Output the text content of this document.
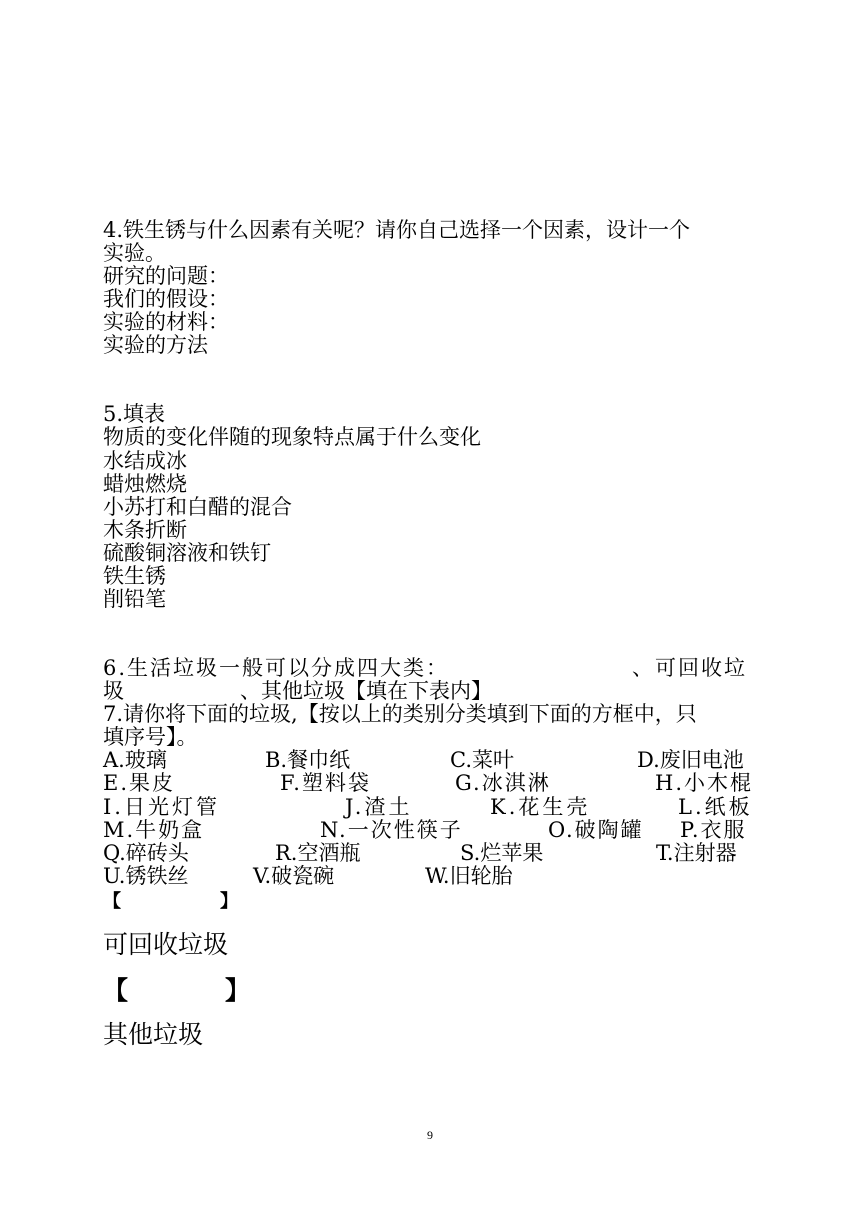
4.铁生锈与什么因素有关呢？请你自己选择一个因素，设计一个
实验。
研究的问题：
我们的假设：
实验的材料：
实验的方法
5.填表
物质的变化伴随的现象特点属于什么变化
水结成冰
蜡烛燃烧
小苏打和白醋的混合
木条折断
硫酸铜溶液和铁钉
铁生锈
削铅笔
6.生活垃圾一般可以分成四大类：	、可回收垃
圾	、其他垃圾【填在下表内】
7.请你将下面的垃圾,【按以上的类别分类填到下面的方框中，只
填序号】。
A.玻璃	B.餐巾纸	C.菜叶	D.废旧电池
E.果皮	F.塑料袋	G.冰淇淋	H.小木棍
I.日光灯管	J.渣土	K.花生壳	L.纸板
M.牛奶盒	N.一次性筷子	O.破陶罐 P.衣服
Q.碎砖头	R.空酒瓶	S.烂苹果	T.注射器
U.锈铁丝	V.破瓷碗	W.旧轮胎
【	】
可回收垃圾
【	】
其他垃圾
9
